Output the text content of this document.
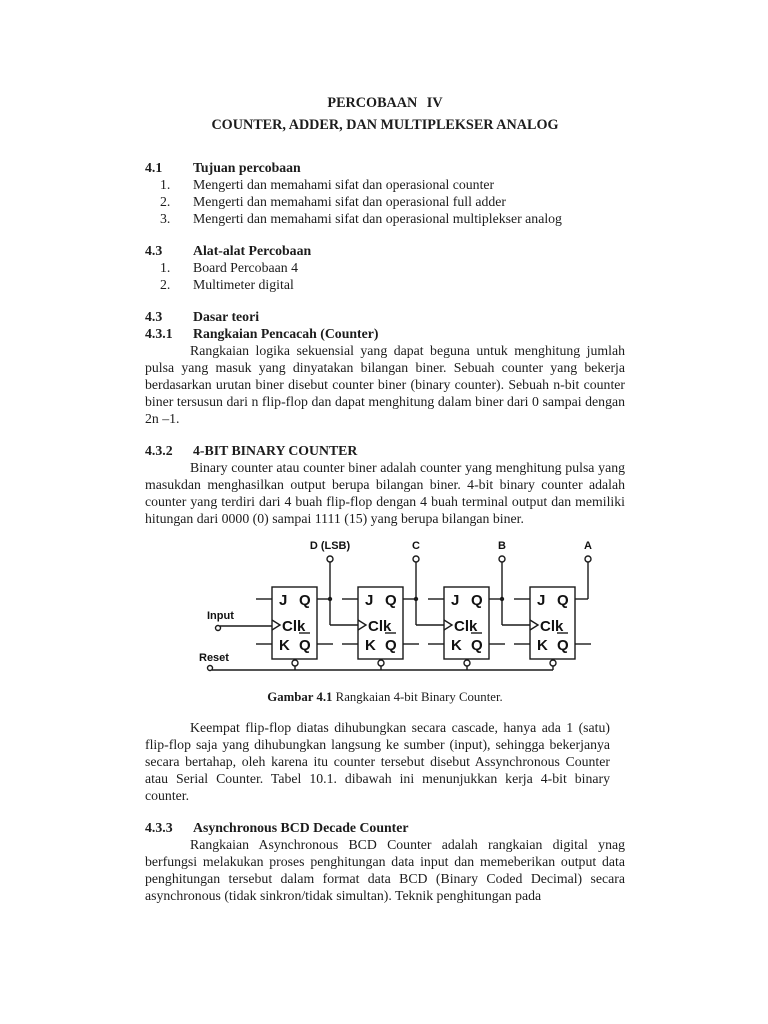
PERCOBAAN IV
COUNTER, ADDER, DAN MULTIPLEKSER ANALOG
4.1	Tujuan percobaan
1.	Mengerti dan memahami sifat dan operasional counter
2.	Mengerti dan memahami sifat dan operasional full adder
3.	Mengerti dan memahami sifat dan operasional multiplekser analog
4.3	Alat-alat Percobaan
1.	Board Percobaan 4
2.	Multimeter digital
4.3	Dasar teori
4.3.1	Rangkaian Pencacah (Counter)

Rangkaian logika sekuensial yang dapat beguna untuk menghitung jumlah pulsa yang masuk yang dinyatakan bilangan biner. Sebuah counter yang bekerja berdasarkan urutan biner disebut counter biner (binary counter). Sebuah n-bit counter biner tersusun dari n flip-flop dan dapat menghitung dalam biner dari 0 sampai dengan 2n –1.

4.3.2	4-BIT BINARY COUNTER

Binary counter atau counter biner adalah counter yang menghitung pulsa yang masukdan menghasilkan output berupa bilangan biner. 4-bit binary counter adalah counter yang terdiri dari 4 buah flip-flop dengan 4 buah terminal output dan memiliki hitungan dari 0000 (0) sampai 1111 (15) yang berupa bilangan biner.

D (LSB)	C	B	A
Input
Reset
J
Clk
K
Q
Q
J
Clk
K
Q
Q
J
Clk
K
Q
Q
J
Clk
K
Q
Q
Gambar 4.1 Rangkaian 4-bit Binary Counter.

Keempat flip-flop diatas dihubungkan secara cascade, hanya ada 1 (satu) flip-flop saja yang dihubungkan langsung ke sumber (input), sehingga bekerjanya secara bertahap, oleh karena itu counter tersebut disebut Assynchronous Counter atau Serial Counter. Tabel 10.1. dibawah ini menunjukkan kerja 4-bit binary counter.

4.3.3	Asynchronous BCD Decade Counter

Rangkaian Asynchronous BCD Counter adalah rangkaian digital ynag berfungsi melakukan proses penghitungan data input dan memeberikan output data penghitungan tersebut dalam format data BCD (Binary Coded Decimal) secara asynchronous (tidak sinkron/tidak simultan). Teknik penghitungan pada
